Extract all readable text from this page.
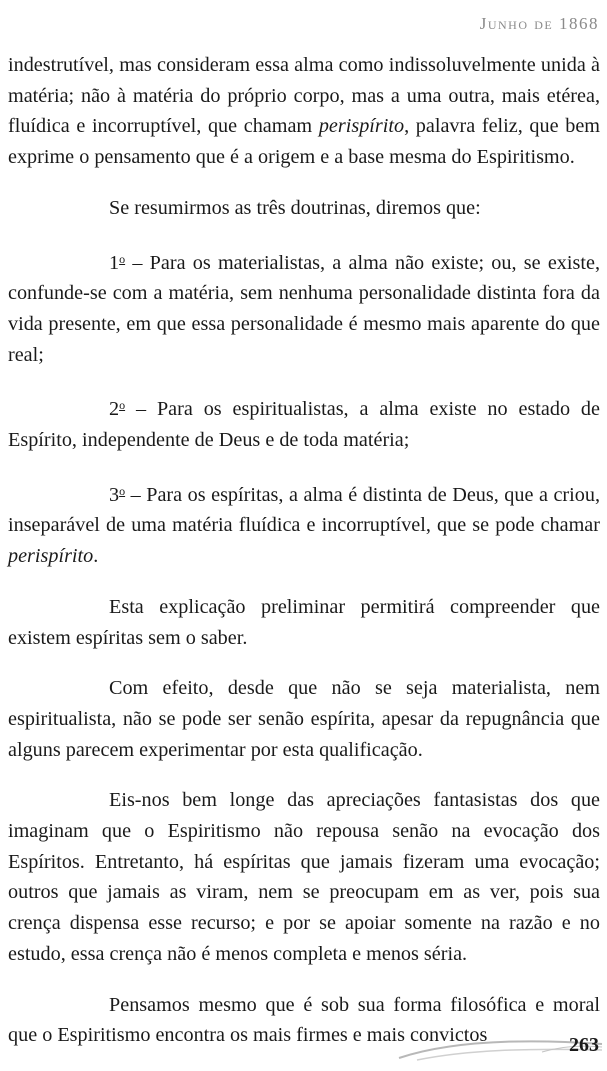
Junho de 1868

indestrutível, mas consideram essa alma como indissoluvelmente unida à matéria; não à matéria do próprio corpo, mas a uma outra, mais etérea, fluídica e incorruptível, que chamam perispírito, palavra feliz, que bem exprime o pensamento que é a origem e a base mesma do Espiritismo.

Se resumirmos as três doutrinas, diremos que:

1$^o$ – Para os materialistas, a alma não existe; ou, se existe, confunde-se com a matéria, sem nenhuma personalidade distinta fora da vida presente, em que essa personalidade é mesmo mais aparente do que real;

2$^o$ – Para os espiritualistas, a alma existe no estado de Espírito, independente de Deus e de toda matéria;

3$^o$ – Para os espíritas, a alma é distinta de Deus, que a criou, inseparável de uma matéria fluídica e incorruptível, que se pode chamar perispírito.

Esta explicação preliminar permitirá compreender que existem espíritas sem o saber.

Com efeito, desde que não se seja materialista, nem espiritualista, não se pode ser senão espírita, apesar da repugnância que alguns parecem experimentar por esta qualificação.

Eis-nos bem longe das apreciações fantasistas dos que imaginam que o Espiritismo não repousa senão na evocação dos Espíritos. Entretanto, há espíritas que jamais fizeram uma evocação; outros que jamais as viram, nem se preocupam em as ver, pois sua crença dispensa esse recurso; e por se apoiar somente na razão e no estudo, essa crença não é menos completa e menos séria.

Pensamos mesmo que é sob sua forma filosófica e moral que o Espiritismo encontra os mais firmes e mais convictos	263
